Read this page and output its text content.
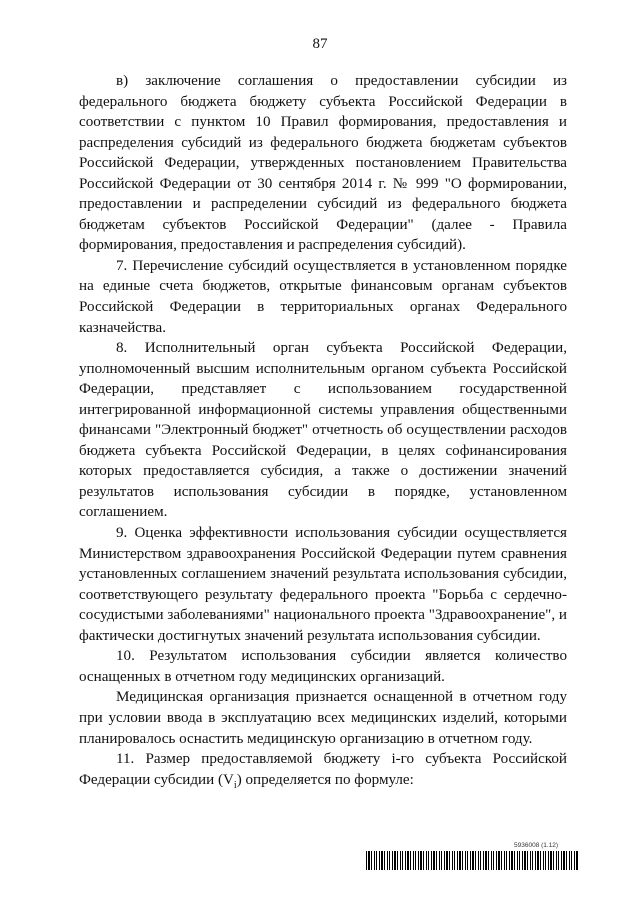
87

в) заключение соглашения о предоставлении субсидии из федерального бюджета бюджету субъекта Российской Федерации в соответствии с пунктом 10 Правил формирования, предоставления и распределения субсидий из федерального бюджета бюджетам субъектов Российской Федерации, утвержденных постановлением Правительства Российской Федерации от 30 сентября 2014 г. № 999 "О формировании, предоставлении и распределении субсидий из федерального бюджета бюджетам субъектов Российской Федерации" (далее - Правила формирования, предоставления и распределения субсидий).

7. Перечисление субсидий осуществляется в установленном порядке на единые счета бюджетов, открытые финансовым органам субъектов Российской Федерации в территориальных органах Федерального казначейства.

8. Исполнительный орган субъекта Российской Федерации, уполномоченный высшим исполнительным органом субъекта Российской Федерации, представляет с использованием государственной интегрированной информационной системы управления общественными финансами "Электронный бюджет" отчетность об осуществлении расходов бюджета субъекта Российской Федерации, в целях софинансирования которых предоставляется субсидия, а также о достижении значений результатов использования субсидии в порядке, установленном соглашением.

9. Оценка эффективности использования субсидии осуществляется Министерством здравоохранения Российской Федерации путем сравнения установленных соглашением значений результата использования субсидии, соответствующего результату федерального проекта "Борьба с сердечно-сосудистыми заболеваниями" национального проекта "Здравоохранение", и фактически достигнутых значений результата использования субсидии.

10. Результатом использования субсидии является количество оснащенных в отчетном году медицинских организаций.

Медицинская организация признается оснащенной в отчетном году при условии ввода в эксплуатацию всех медицинских изделий, которыми планировалось оснастить медицинскую организацию в отчетном году.

11. Размер предоставляемой бюджету i-го субъекта Российской Федерации субсидии $(V_i)$ определяется по формуле:

5936008 (1.12)
